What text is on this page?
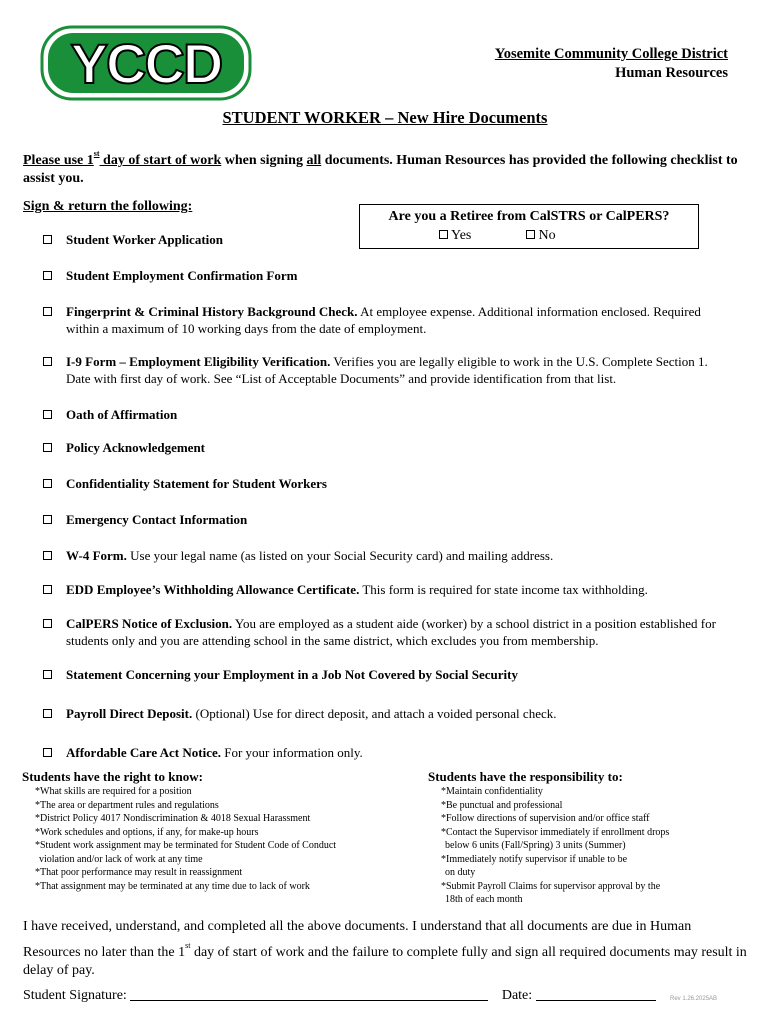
YCCD	Yosemite Community College District
Human Resources
STUDENT WORKER – New Hire Documents
Please use 1st day of start of work when signing all documents. Human Resources has provided the following checklist to assist you.
Sign & return the following:
Are you a Retiree from CalSTRS or CalPERS?
Yes	No
Student Worker Application
Student Employment Confirmation Form
Fingerprint & Criminal History Background Check. At employee expense. Additional information enclosed. Required within a maximum of 10 working days from the date of employment.
I-9 Form – Employment Eligibility Verification. Verifies you are legally eligible to work in the U.S. Complete Section 1. Date with first day of work. See “List of Acceptable Documents” and provide identification from that list.
Oath of Affirmation
Policy Acknowledgement
Confidentiality Statement for Student Workers
Emergency Contact Information
W-4 Form. Use your legal name (as listed on your Social Security card) and mailing address.
EDD Employee’s Withholding Allowance Certificate. This form is required for state income tax withholding.
CalPERS Notice of Exclusion. You are employed as a student aide (worker) by a school district in a position established for students only and you are attending school in the same district, which excludes you from membership.
Statement Concerning your Employment in a Job Not Covered by Social Security
Payroll Direct Deposit. (Optional) Use for direct deposit, and attach a voided personal check.
Affordable Care Act Notice. For your information only.
Students have the right to know:
*What skills are required for a position
*The area or department rules and regulations
*District Policy 4017 Nondiscrimination & 4018 Sexual Harassment
*Work schedules and options, if any, for make-up hours
*Student work assignment may be terminated for Student Code of Conduct
violation and/or lack of work at any time
*That poor performance may result in reassignment
*That assignment may be terminated at any time due to lack of work
Students have the responsibility to:
*Maintain confidentiality
*Be punctual and professional
*Follow directions of supervision and/or office staff
*Contact the Supervisor immediately if enrollment drops
below 6 units (Fall/Spring) 3 units (Summer)
*Immediately notify supervisor if unable to be
on duty
*Submit Payroll Claims for supervisor approval by the
18th of each month
I have received, understand, and completed all the above documents. I understand that all documents are due in Human Resources no later than the 1st day of start of work and the failure to complete fully and sign all required documents may result in delay of pay.
Student Signature:	Date:	Rev 1.26.2025AB
